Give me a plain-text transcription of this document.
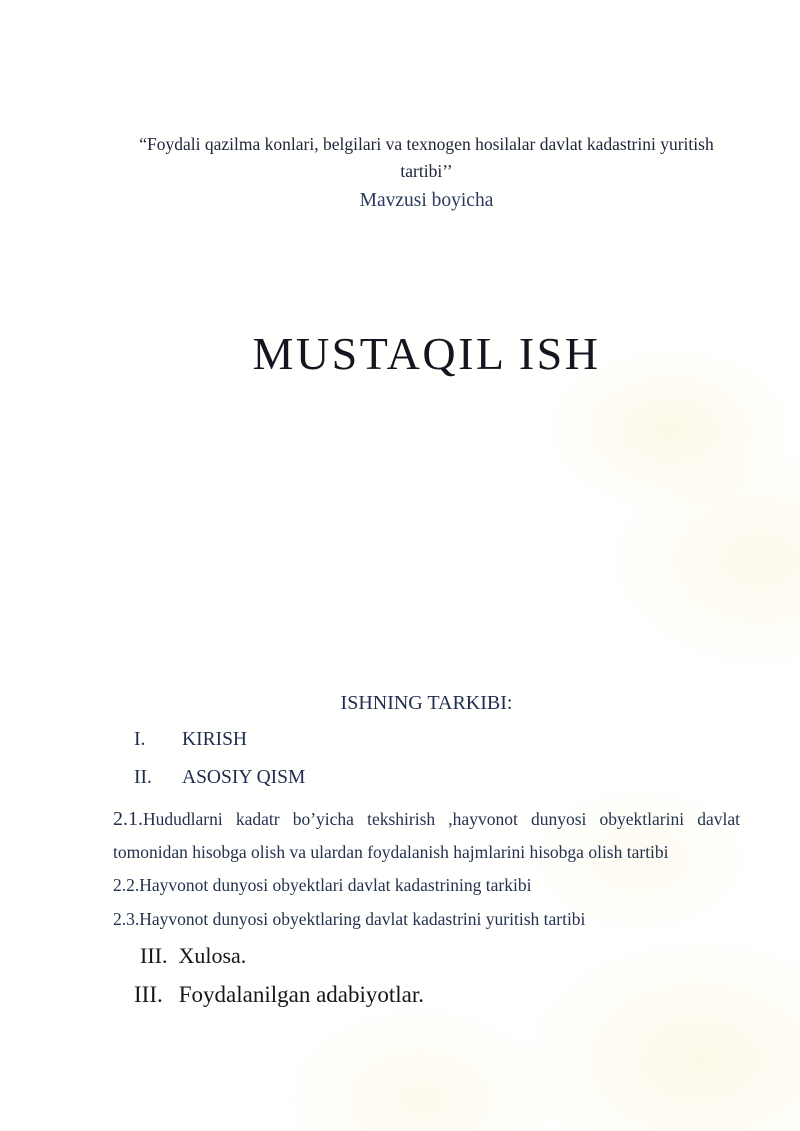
“Foydali qazilma konlari, belgilari va texnogen hosilalar davlat kadastrini yuritish tartibi’’
Mavzusi boyicha
MUSTAQIL ISH
ISHNING TARKIBI:
I.	KIRISH
II.	ASOSIY QISM
2.1.Hududlarni kadatr bo’yicha tekshirish ,hayvonot dunyosi obyektlarini davlat tomonidan hisobga olish va ulardan foydalanish hajmlarini hisobga olish tartibi
2.2.Hayvonot dunyosi obyektlari davlat kadastrining tarkibi
2.3.Hayvonot dunyosi obyektlaring davlat kadastrini yuritish tartibi
III. Xulosa.
III. Foydalanilgan adabiyotlar.
